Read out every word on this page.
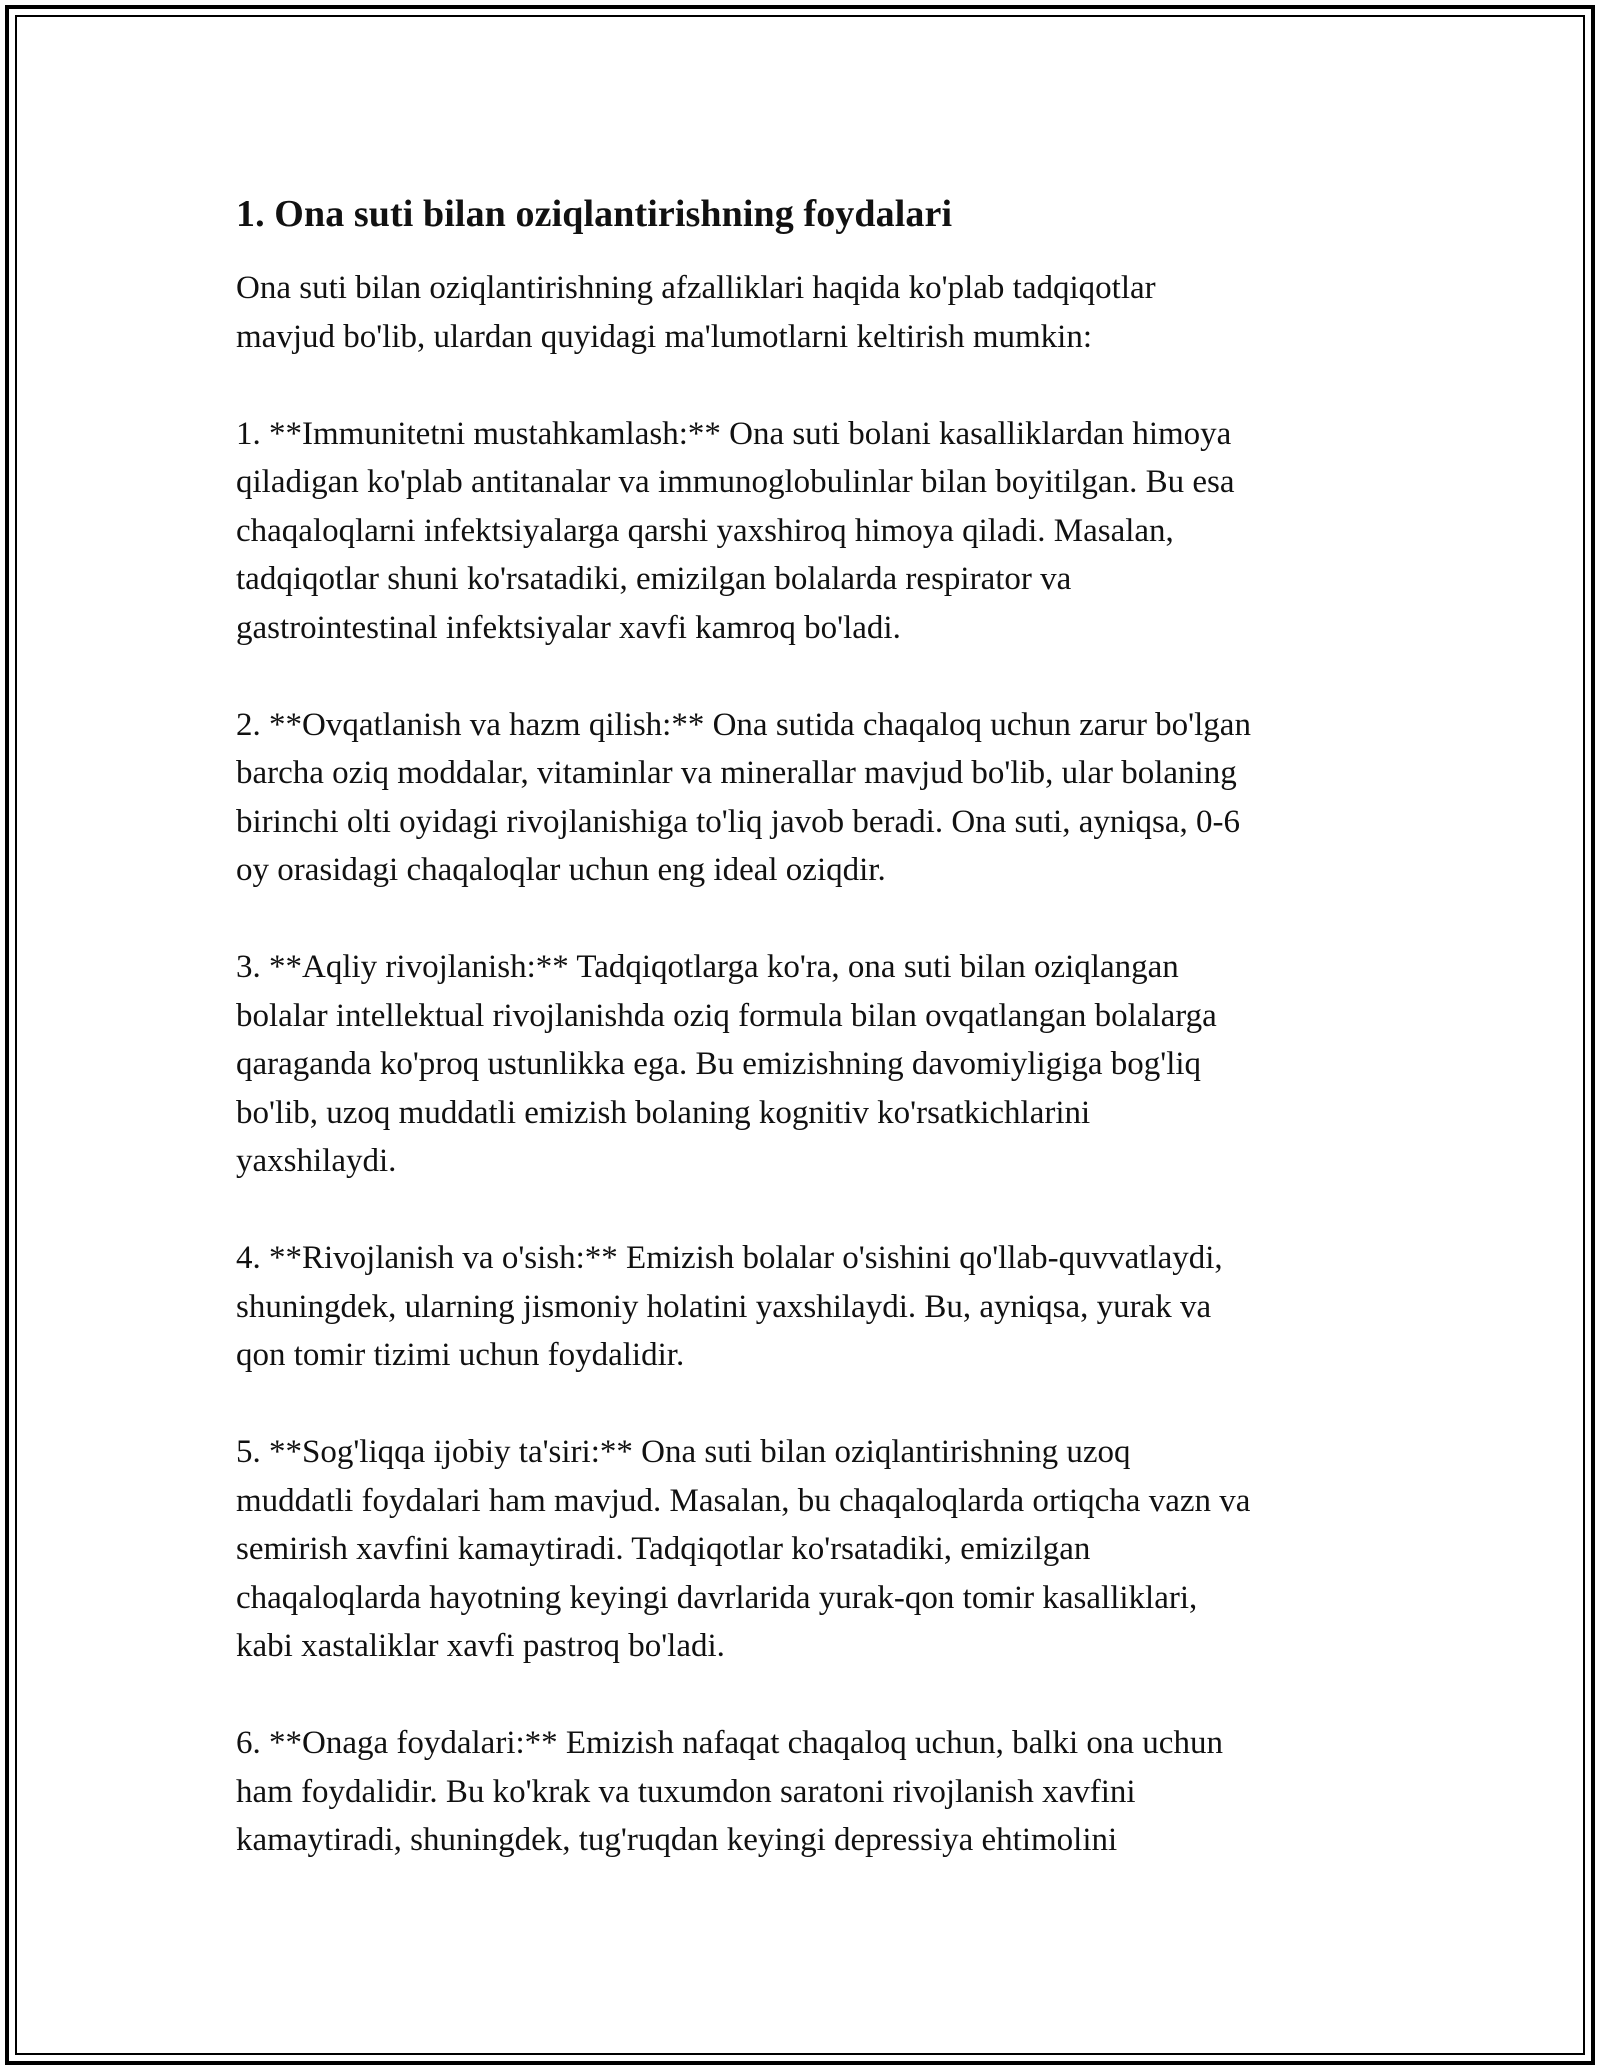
1. Ona suti bilan oziqlantirishning foydalari

Ona suti bilan oziqlantirishning afzalliklari haqida ko'plab tadqiqotlar
mavjud bo'lib, ulardan quyidagi ma'lumotlarni keltirish mumkin:

1. **Immunitetni mustahkamlash:** Ona suti bolani kasalliklardan himoya
qiladigan ko'plab antitanalar va immunoglobulinlar bilan boyitilgan. Bu esa
chaqaloqlarni infektsiyalarga qarshi yaxshiroq himoya qiladi. Masalan,
tadqiqotlar shuni ko'rsatadiki, emizilgan bolalarda respirator va
gastrointestinal infektsiyalar xavfi kamroq bo'ladi.

2. **Ovqatlanish va hazm qilish:** Ona sutida chaqaloq uchun zarur bo'lgan
barcha oziq moddalar, vitaminlar va minerallar mavjud bo'lib, ular bolaning
birinchi olti oyidagi rivojlanishiga to'liq javob beradi. Ona suti, ayniqsa, 0-6
oy orasidagi chaqaloqlar uchun eng ideal oziqdir.

3. **Aqliy rivojlanish:** Tadqiqotlarga ko'ra, ona suti bilan oziqlangan
bolalar intellektual rivojlanishda oziq formula bilan ovqatlangan bolalarga
qaraganda ko'proq ustunlikka ega. Bu emizishning davomiyligiga bog'liq
bo'lib, uzoq muddatli emizish bolaning kognitiv ko'rsatkichlarini
yaxshilaydi.

4. **Rivojlanish va o'sish:** Emizish bolalar o'sishini qo'llab-quvvatlaydi,
shuningdek, ularning jismoniy holatini yaxshilaydi. Bu, ayniqsa, yurak va
qon tomir tizimi uchun foydalidir.

5. **Sog'liqqa ijobiy ta'siri:** Ona suti bilan oziqlantirishning uzoq
muddatli foydalari ham mavjud. Masalan, bu chaqaloqlarda ortiqcha vazn va
semirish xavfini kamaytiradi. Tadqiqotlar ko'rsatadiki, emizilgan
chaqaloqlarda hayotning keyingi davrlarida yurak-qon tomir kasalliklari,
kabi xastaliklar xavfi pastroq bo'ladi.

6. **Onaga foydalari:** Emizish nafaqat chaqaloq uchun, balki ona uchun
ham foydalidir. Bu ko'krak va tuxumdon saratoni rivojlanish xavfini
kamaytiradi, shuningdek, tug'ruqdan keyingi depressiya ehtimolini
